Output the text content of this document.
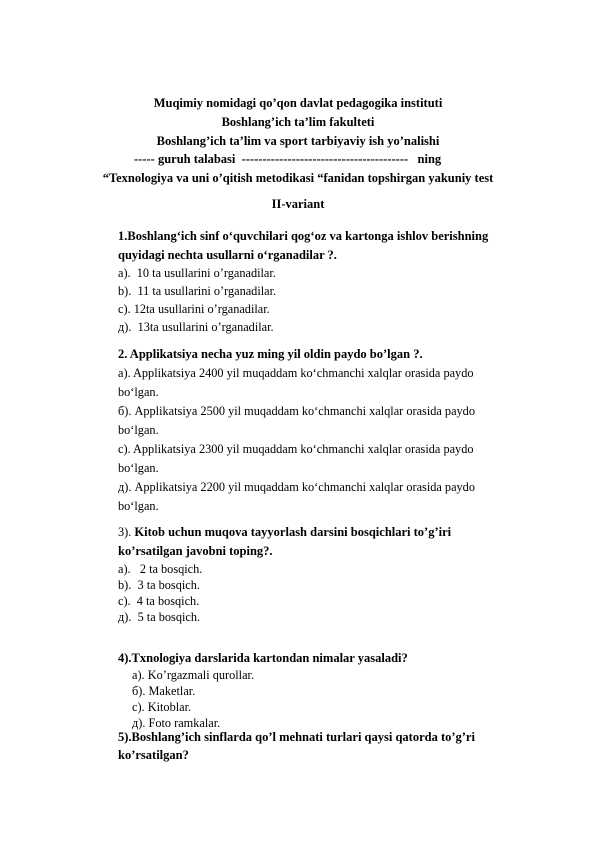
Muqimiy nomidagi qo’qon davlat pedagogika instituti
Boshlang’ich ta’lim fakulteti
Boshlang’ich ta’lim va sport tarbiyaviy ish yo’nalishi
----- guruh talabasi  ----------------------------------------   ning
“Texnologiya va uni o’qitish metodikasi “fanidan topshirgan yakuniy test
II-variant
1.Boshlang‘ich sinf o‘quvchilari qog‘oz va kartonga ishlov berishning
quyidagi nechta usullarni o‘rganadilar ?.
a).  10 ta usullarini o’rganadilar.
b).  11 ta usullarini o’rganadilar.
c). 12ta usullarini o’rganadilar.
д).  13ta usullarini o’rganadilar.
2. Applikatsiya necha yuz ming yil oldin paydo bo’lgan ?.
a). Applikatsiya 2400 yil muqaddam ko‘chmanchi xalqlar orasida paydo
bo‘lgan.
б). Applikatsiya 2500 yil muqaddam ko‘chmanchi xalqlar orasida paydo
bo‘lgan.
c). Applikatsiya 2300 yil muqaddam ko‘chmanchi xalqlar orasida paydo
bo‘lgan.
д). Applikatsiya 2200 yil muqaddam ko‘chmanchi xalqlar orasida paydo
bo‘lgan.
3). Kitob uchun muqova tayyorlash darsini bosqichlari to’g’iri
ko’rsatilgan javobni toping?.
a).   2 ta bosqich.
b).  3 ta bosqich.
c).  4 ta bosqich.
д).  5 ta bosqich.
4).Txnologiya darslarida kartondan nimalar yasaladi?
a). Ko’rgazmali qurollar.
б). Maketlar.
c). Kitoblar.
д). Foto ramkalar.
5).Boshlang’ich sinflarda qo’l mehnati turlari qaysi qatorda to’g’ri
ko’rsatilgan?
